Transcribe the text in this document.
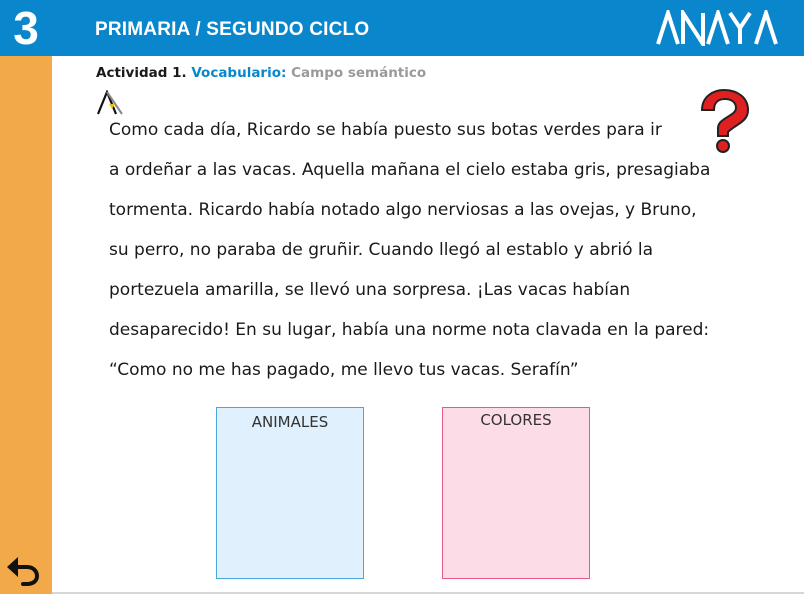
3	PRIMARIA / SEGUNDO CICLO
Actividad 1. Vocabulario: Campo semántico
Como cada día, Ricardo se había puesto sus botas verdes para ir
a ordeñar a las vacas. Aquella mañana el cielo estaba gris, presagiaba
tormenta. Ricardo había notado algo nerviosas a las ovejas, y Bruno,
su perro, no paraba de gruñir. Cuando llegó al establo y abrió la
portezuela amarilla, se llevó una sorpresa. ¡Las vacas habían
desaparecido! En su lugar, había una norme nota clavada en la pared:
“Como no me has pagado, me llevo tus vacas. Serafín”
ANIMALES	COLORES
